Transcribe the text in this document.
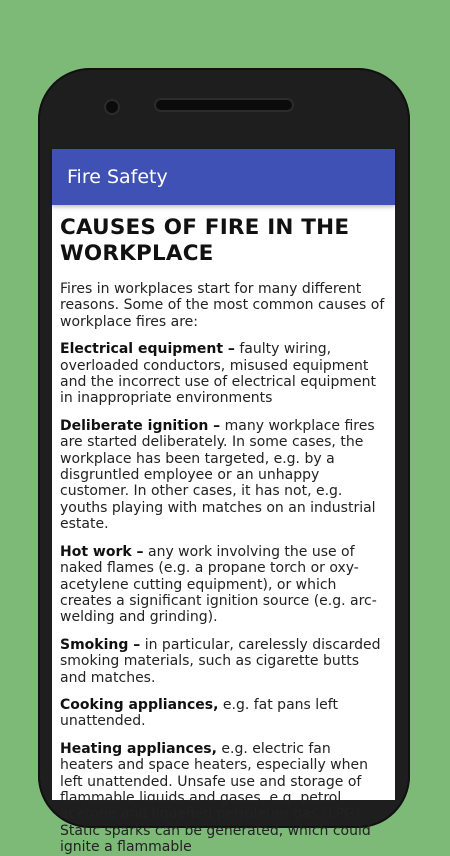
Fire Safety
CAUSES OF FIRE IN THE WORKPLACE

Fires in workplaces start for many different reasons. Some of the most common causes of workplace fires are:

Electrical equipment – faulty wiring, overloaded conductors, misused equipment and the incorrect use of electrical equipment in inappropriate environments

Deliberate ignition – many workplace fires are started deliberately. In some cases, the workplace has been targeted, e.g. by a disgruntled employee or an unhappy customer. In other cases, it has not, e.g. youths playing with matches on an industrial estate.

Hot work – any work involving the use of naked flames (e.g. a propane torch or oxy-acetylene cutting equipment), or which creates a significant ignition source (e.g. arc-welding and grinding).

Smoking – in particular, carelessly discarded smoking materials, such as cigarette butts and matches.

Cooking appliances, e.g. fat pans left unattended.

Heating appliances, e.g. electric fan heaters and space heaters, especially when left unattended. Unsafe use and storage of flammable liquids and gases, e.g. petrol, acetone and liquefied petroleum gas (LPG). Static sparks can be generated, which could ignite a flammable
